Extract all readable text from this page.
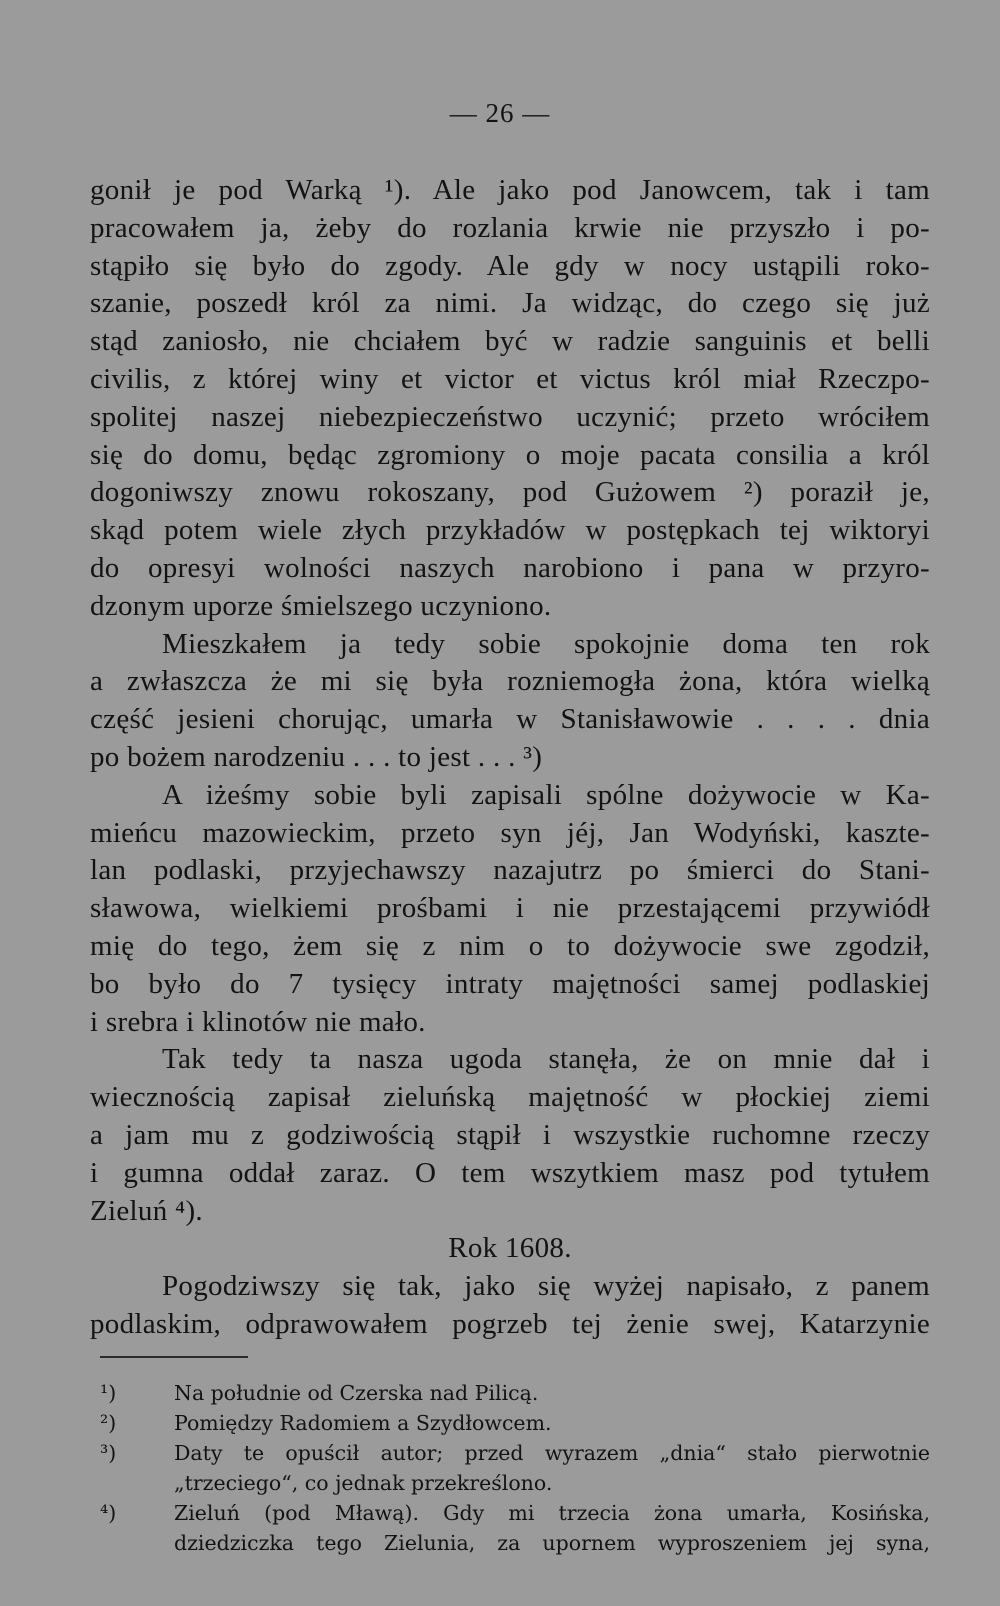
— 26 —
gonił je pod Warką ¹). Ale jako pod Janowcem, tak i tam
pracowałem ja, żeby do rozlania krwie nie przyszło i po-
stąpiło się było do zgody. Ale gdy w nocy ustąpili roko-
szanie, poszedł król za nimi. Ja widząc, do czego się już
stąd zaniosło, nie chciałem być w radzie sanguinis et belli
civilis, z której winy et victor et victus król miał Rzeczpo-
spolitej naszej niebezpieczeństwo uczynić; przeto wróciłem
się do domu, będąc zgromiony o moje pacata consilia a król
dogoniwszy znowu rokoszany, pod Gużowem ²) poraził je,
skąd potem wiele złych przykładów w postępkach tej wiktoryi
do opresyi wolności naszych narobiono i pana w przyro-
dzonym uporze śmielszego uczyniono.
Mieszkałem ja tedy sobie spokojnie doma ten rok
a zwłaszcza że mi się była rozniemogła żona, która wielką
część jesieni chorując, umarła w Stanisławowie . . . . dnia
po bożem narodzeniu . . . to jest . . . ³)
A iżeśmy sobie byli zapisali spólne dożywocie w Ka-
mieńcu mazowieckim, przeto syn jéj, Jan Wodyński, kaszte-
lan podlaski, przyjechawszy nazajutrz po śmierci do Stani-
sławowa, wielkiemi prośbami i nie przestającemi przywiódł
mię do tego, żem się z nim o to dożywocie swe zgodził,
bo było do 7 tysięcy intraty majętności samej podlaskiej
i srebra i klinotów nie mało.
Tak tedy ta nasza ugoda stanęła, że on mnie dał i
wiecznością zapisał zieluńską majętność w płockiej ziemi
a jam mu z godziwością stąpił i wszystkie ruchomne rzeczy
i gumna oddał zaraz. O tem wszytkiem masz pod tytułem
Zieluń ⁴).
Rok 1608.
Pogodziwszy się tak, jako się wyżej napisało, z panem
podlaskim, odprawowałem pogrzeb tej żenie swej, Katarzynie
¹)	Na południe od Czerska nad Pilicą.
²)	Pomiędzy Radomiem a Szydłowcem.
³)	Daty te opuścił autor; przed wyrazem „dnia“ stało pierwotnie
„trzeciego“, co jednak przekreślono.
⁴)	Zieluń (pod Mławą). Gdy mi trzecia żona umarła, Kosińska,
dziedziczka tego Zielunia, za upornem wyproszeniem jej syna,
